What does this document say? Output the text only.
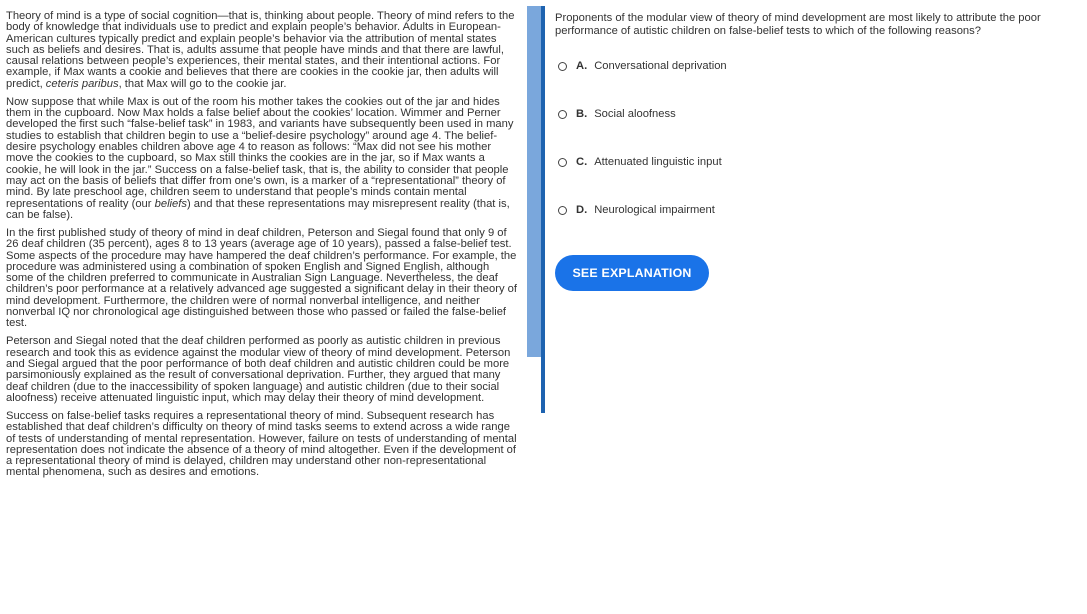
Theory of mind is a type of social cognition—that is, thinking about people. Theory of mind refers to the body of knowledge that individuals use to predict and explain people’s behavior. Adults in European-American cultures typically predict and explain people’s behavior via the attribution of mental states such as beliefs and desires. That is, adults assume that people have minds and that there are lawful, causal relations between people’s experiences, their mental states, and their intentional actions. For example, if Max wants a cookie and believes that there are cookies in the cookie jar, then adults will predict, ceteris paribus, that Max will go to the cookie jar.

Now suppose that while Max is out of the room his mother takes the cookies out of the jar and hides them in the cupboard. Now Max holds a false belief about the cookies’ location. Wimmer and Perner developed the first such “false-belief task” in 1983, and variants have subsequently been used in many studies to establish that children begin to use a “belief-desire psychology” around age 4. The belief-desire psychology enables children above age 4 to reason as follows: “Max did not see his mother move the cookies to the cupboard, so Max still thinks the cookies are in the jar, so if Max wants a cookie, he will look in the jar.” Success on a false-belief task, that is, the ability to consider that people may act on the basis of beliefs that differ from one’s own, is a marker of a “representational” theory of mind. By late preschool age, children seem to understand that people’s minds contain mental representations of reality (our beliefs) and that these representations may misrepresent reality (that is, can be false).

In the first published study of theory of mind in deaf children, Peterson and Siegal found that only 9 of 26 deaf children (35 percent), ages 8 to 13 years (average age of 10 years), passed a false-belief test. Some aspects of the procedure may have hampered the deaf children’s performance. For example, the procedure was administered using a combination of spoken English and Signed English, although some of the children preferred to communicate in Australian Sign Language. Nevertheless, the deaf children’s poor performance at a relatively advanced age suggested a significant delay in their theory of mind development. Furthermore, the children were of normal nonverbal intelligence, and neither nonverbal IQ nor chronological age distinguished between those who passed or failed the false-belief test.

Peterson and Siegal noted that the deaf children performed as poorly as autistic children in previous research and took this as evidence against the modular view of theory of mind development. Peterson and Siegal argued that the poor performance of both deaf children and autistic children could be more parsimoniously explained as the result of conversational deprivation. Further, they argued that many deaf children (due to the inaccessibility of spoken language) and autistic children (due to their social aloofness) receive attenuated linguistic input, which may delay their theory of mind development.

Success on false-belief tasks requires a representational theory of mind. Subsequent research has established that deaf children’s difficulty on theory of mind tasks seems to extend across a wide range of tests of understanding of mental representation. However, failure on tests of understanding of mental representation does not indicate the absence of a theory of mind altogether. Even if the development of a representational theory of mind is delayed, children may understand other non-representational mental phenomena, such as desires and emotions.

Proponents of the modular view of theory of mind development are most likely to attribute the poor performance of autistic children on false-belief tests to which of the following reasons?
A. Conversational deprivation
B. Social aloofness
C. Attenuated linguistic input
D. Neurological impairment
SEE EXPLANATION
